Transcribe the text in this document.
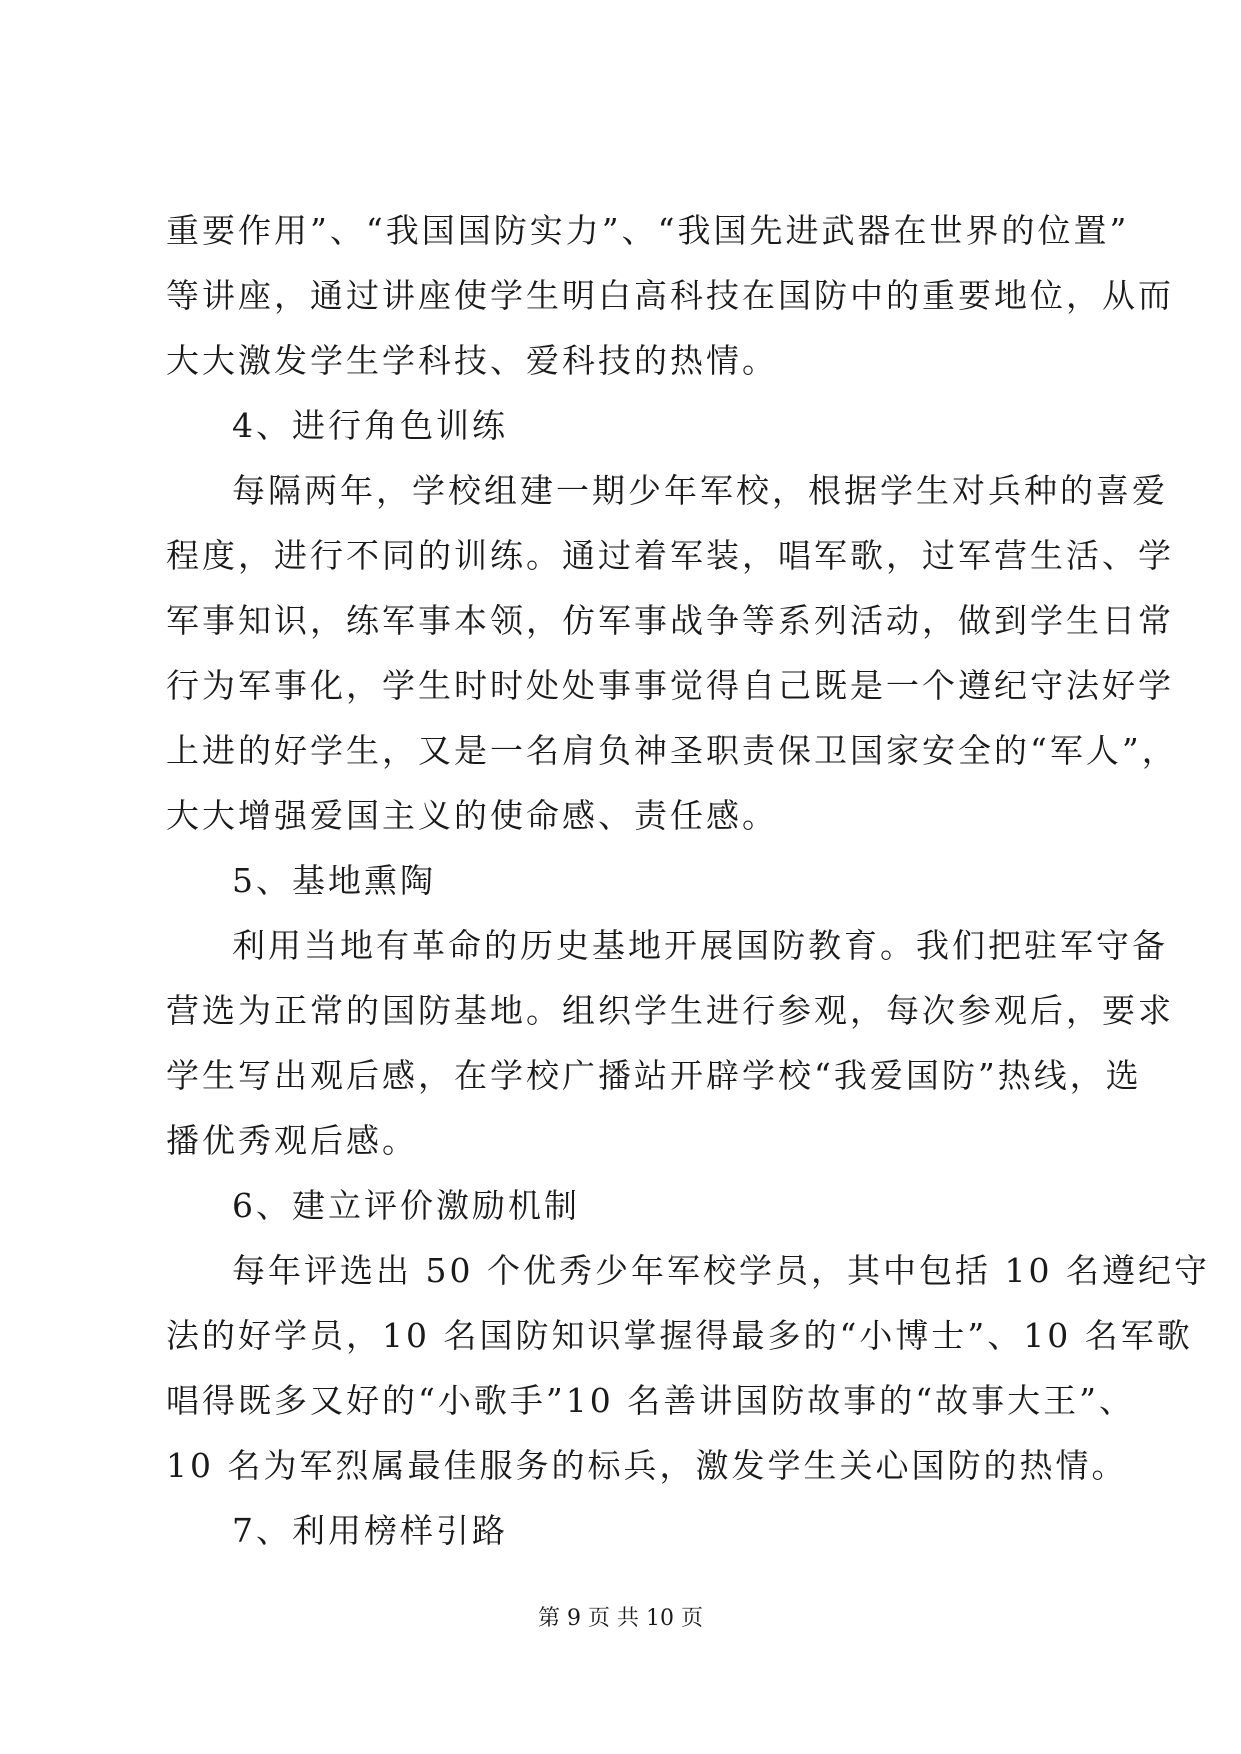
重要作用”、“我国国防实力”、“我国先进武器在世界的位置”
等讲座，通过讲座使学生明白高科技在国防中的重要地位，从而
大大激发学生学科技、爱科技的热情。
4、进行角色训练
每隔两年，学校组建一期少年军校，根据学生对兵种的喜爱
程度，进行不同的训练。通过着军装，唱军歌，过军营生活、学
军事知识，练军事本领，仿军事战争等系列活动，做到学生日常
行为军事化，学生时时处处事事觉得自己既是一个遵纪守法好学
上进的好学生，又是一名肩负神圣职责保卫国家安全的“军人”，
大大增强爱国主义的使命感、责任感。
5、基地熏陶
利用当地有革命的历史基地开展国防教育。我们把驻军守备
营选为正常的国防基地。组织学生进行参观，每次参观后，要求
学生写出观后感，在学校广播站开辟学校“我爱国防”热线，选
播优秀观后感。
6、建立评价激励机制
每年评选出 50 个优秀少年军校学员，其中包括 10 名遵纪守
法的好学员，10 名国防知识掌握得最多的“小博士”、10 名军歌
唱得既多又好的“小歌手”10 名善讲国防故事的“故事大王”、
10 名为军烈属最佳服务的标兵，激发学生关心国防的热情。
7、利用榜样引路
第 9 页 共 10 页
